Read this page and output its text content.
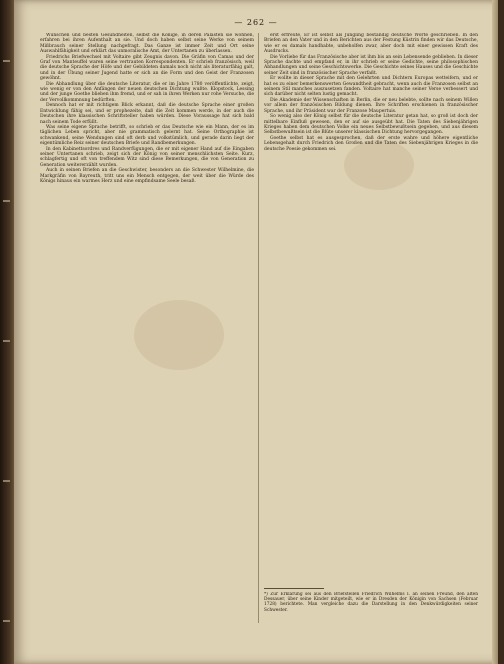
— 262 —

Wunschen und besten Gesundheiten, selbst die Könige, in deren Palästen sie wohnen, erfahren bei ihren Aufenthalt an sie. Und doch haben selbst seine Werke von seinem Mißbrauch seiner Stellung nachgefragt. Das Ganze ist immer Zeit und Ort seine Auswahlfähigkeit und erklärt das unmoralische Amt, der Untertanen zu überlassen.

Friedrichs Briefwechsel mit Voltaire gibt Zeugnis davon. Die Gräfin von Camas und der Graf von Manteuffel waren seine vertrauten Korrespondenten. Er schrieb französisch, weil die deutsche Sprache der Höfe und der Gebildeten damals noch nicht als literaturfähig galt, und in der Übung seiner Jugend hatte er sich an die Form und den Geist der Franzosen gewöhnt.

Die Abhandlung über die deutsche Literatur, die er im Jahre 1780 veröffentlichte, zeigt, wie wenig er von den Anfängen der neuen deutschen Dichtung wußte. Klopstock, Lessing und der junge Goethe blieben ihm fremd, und er sah in ihren Werken nur rohe Versuche, die der Vervollkommnung bedürften.

Dennoch hat er mit richtigem Blick erkannt, daß die deutsche Sprache einer großen Entwicklung fähig sei, und er prophezeite, daß die Zeit kommen werde, in der auch die Deutschen ihre klassischen Schriftsteller haben würden. Diese Voraussage hat sich bald nach seinem Tode erfüllt.

Was seine eigene Sprache betrifft, so schrieb er das Deutsche wie ein Mann, der es im täglichen Leben spricht, aber nie grammatisch gelernt hat. Seine Orthographie ist schwankend, seine Wendungen sind oft derb und volkstümlich, und gerade darin liegt der eigentümliche Reiz seiner deutschen Briefe und Randbemerkungen.

In den Kabinettsordres und Randverfügungen, die er mit eigener Hand auf die Eingaben seiner Untertanen schrieb, zeigt sich der König von seiner menschlichsten Seite. Kurz, schlagfertig und oft von treffendem Witz sind diese Bemerkungen, die von Generation zu Generation weitererzählt wurden.

Auch in seinen Briefen an die Geschwister, besonders an die Schwester Wilhelmine, die Markgräfin von Bayreuth, tritt uns ein Mensch entgegen, der weit über die Würde des Königs hinaus ein warmes Herz und eine empfindsame Seele besaß.

erst erfreute, Er ist selbst als Jüngling beständig deutsche Worte geschrieben. In den Briefen an den Vater und in den Berichten aus der Festung Küstrin finden wir das Deutsche, wie er es damals handhabte, unbeholfen zwar, aber doch mit einer gewissen Kraft des Ausdrucks.

Die Vorliebe für das Französische aber ist ihm bis an sein Lebensende geblieben. In dieser Sprache dachte und empfand er, in ihr schrieb er seine Gedichte, seine philosophischen Abhandlungen und seine Geschichtswerke. Die Geschichte seines Hauses und die Geschichte seiner Zeit sind in französischer Sprache verfaßt.

Er wollte in dieser Sprache mit den Gelehrten und Dichtern Europas wetteifern, und er hat es zu einer bemerkenswerten Gewandtheit gebracht, wenn auch die Franzosen selbst an seinem Stil manches auszusetzen fanden. Voltaire hat manche seiner Verse verbessert und sich darüber nicht selten lustig gemacht.

Die Akademie der Wissenschaften in Berlin, die er neu belebte, sollte nach seinem Willen vor allem der französischen Bildung dienen. Ihre Schriften erschienen in französischer Sprache, und ihr Präsident war der Franzose Maupertuis.

So wenig also der König selbst für die deutsche Literatur getan hat, so groß ist doch der mittelbare Einfluß gewesen, den er auf sie ausgeübt hat. Die Taten des Siebenjährigen Krieges haben dem deutschen Volke ein neues Selbstbewußtsein gegeben, und aus diesem Selbstbewußtsein ist die Blüte unserer klassischen Dichtung hervorgegangen.

Goethe selbst hat es ausgesprochen, daß der erste wahre und höhere eigentliche Lebensgehalt durch Friedrich den Großen und die Taten des Siebenjährigen Krieges in die deutsche Poesie gekommen sei.

*) Zur Erklärung sei aus den Briefstellen Friedrich Wilhelms I. an seinen Freund, den alten Dessauer, über seine Kinder mitgeteilt, wie er in Dresden der Königin von Sachsen (Februar 1728) berichtete. Man vergleiche dazu die Darstellung in den Denkwürdigkeiten seiner Schwester.
